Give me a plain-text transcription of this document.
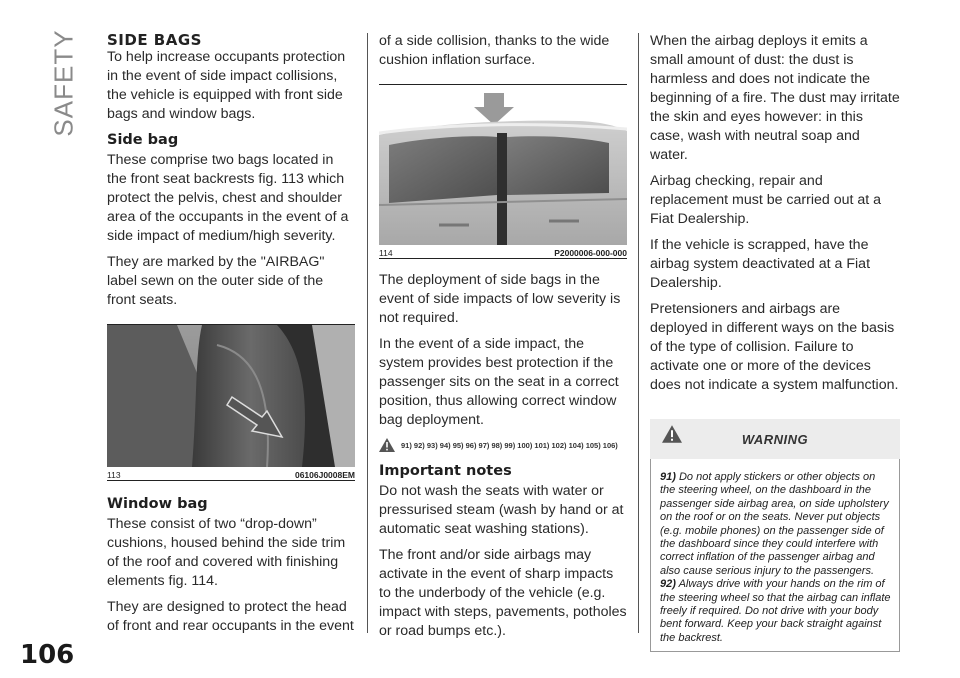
SAFETY
106
SIDE BAGS

To help increase occupants protection in the event of side impact collisions, the vehicle is equipped with front side bags and window bags.

Side bag

These comprise two bags located in the front seat backrests fig. 113 which protect the pelvis, chest and shoulder area of the occupants in the event of a side impact of medium/high severity.

They are marked by the "AIRBAG" label sewn on the outer side of the front seats.

113	06106J0008EM
Window bag

These consist of two “drop-down” cushions, housed behind the side trim of the roof and covered with finishing elements fig. 114.

They are designed to protect the head of front and rear occupants in the event

of a side collision, thanks to the wide cushion inflation surface.

114	P2000006-000-000

The deployment of side bags in the event of side impacts of low severity is not required.

In the event of a side impact, the system provides best protection if the passenger sits on the seat in a correct position, thus allowing correct window bag deployment.

91) 92) 93) 94) 95) 96) 97) 98) 99) 100) 101) 102) 104) 105) 106)
Important notes

Do not wash the seats with water or pressurised steam (wash by hand or at automatic seat washing stations).

The front and/or side airbags may activate in the event of sharp impacts to the underbody of the vehicle (e.g. impact with steps, pavements, potholes or road bumps etc.).

When the airbag deploys it emits a small amount of dust: the dust is harmless and does not indicate the beginning of a fire. The dust may irritate the skin and eyes however: in this case, wash with neutral soap and water.

Airbag checking, repair and replacement must be carried out at a Fiat Dealership.

If the vehicle is scrapped, have the airbag system deactivated at a Fiat Dealership.

Pretensioners and airbags are deployed in different ways on the basis of the type of collision. Failure to activate one or more of the devices does not indicate a system malfunction.

WARNING
91) Do not apply stickers or other objects on the steering wheel, on the dashboard in the passenger side airbag area, on side upholstery on the roof or on the seats. Never put objects (e.g. mobile phones) on the passenger side of the dashboard since they could interfere with correct inflation of the passenger airbag and also cause serious injury to the passengers.
92) Always drive with your hands on the rim of the steering wheel so that the airbag can inflate freely if required. Do not drive with your body bent forward. Keep your back straight against the backrest.
